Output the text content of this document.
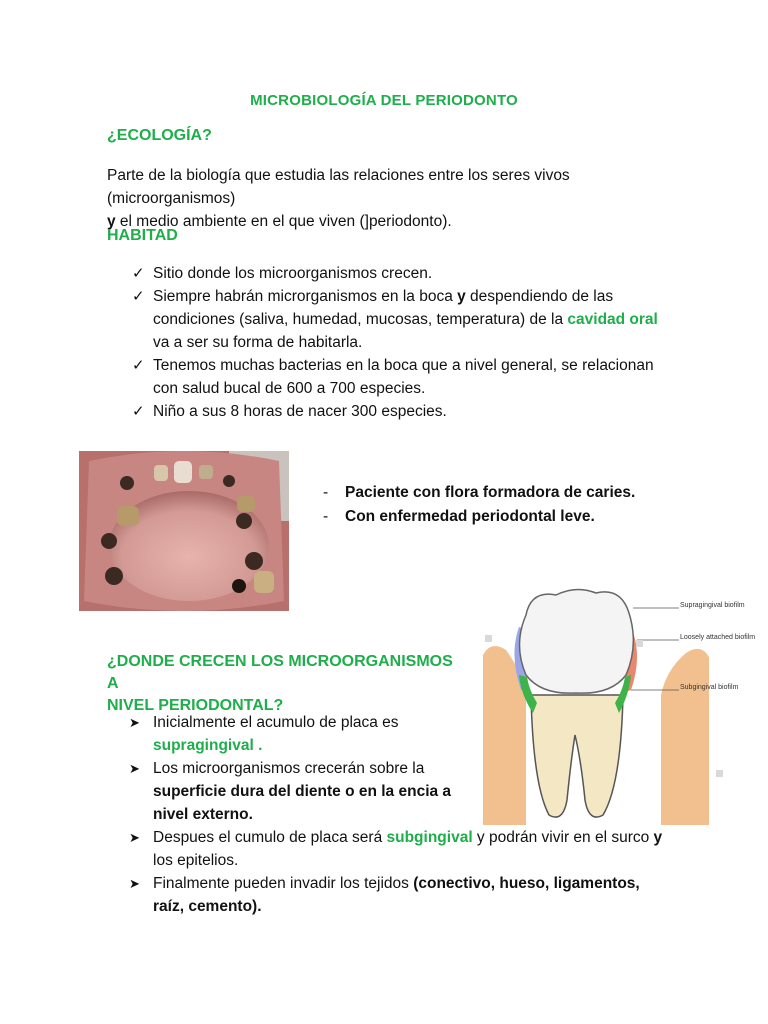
MICROBIOLOGÍA DEL PERIODONTO
¿ECOLOGÍA?
Parte de la biología que estudia las relaciones entre los seres vivos (microorganismos)
y el medio ambiente en el que viven (]periodonto).
HABITAD
✓ Sitio donde los microorganismos crecen.
✓ Siempre habrán microrganismos en la boca y despendiendo de las condiciones (saliva, humedad, mucosas, temperatura) de la cavidad oral va a ser su forma de habitarla.
✓ Tenemos muchas bacterias en la boca que a nivel general, se relacionan con salud bucal de 600 a 700 especies.
✓ Niño a sus 8 horas de nacer 300 especies.
- Paciente con flora formadora de caries.
- Con enfermedad periodontal leve.
Supragingival biofilm
Loosely attached biofilm
Subgingival biofilm
¿DONDE CRECEN LOS MICROORGANISMOS A
NIVEL PERIODONTAL?
➤ Inicialmente el acumulo de placa es
supragingival .
➤ Los microorganismos crecerán sobre la
superficie dura del diente o en la encia a
nivel externo.
➤ Despues el cumulo de placa será subgingival y podrán vivir en el surco y los epitelios.
➤ Finalmente pueden invadir los tejidos (conectivo, hueso, ligamentos, raíz, cemento).
